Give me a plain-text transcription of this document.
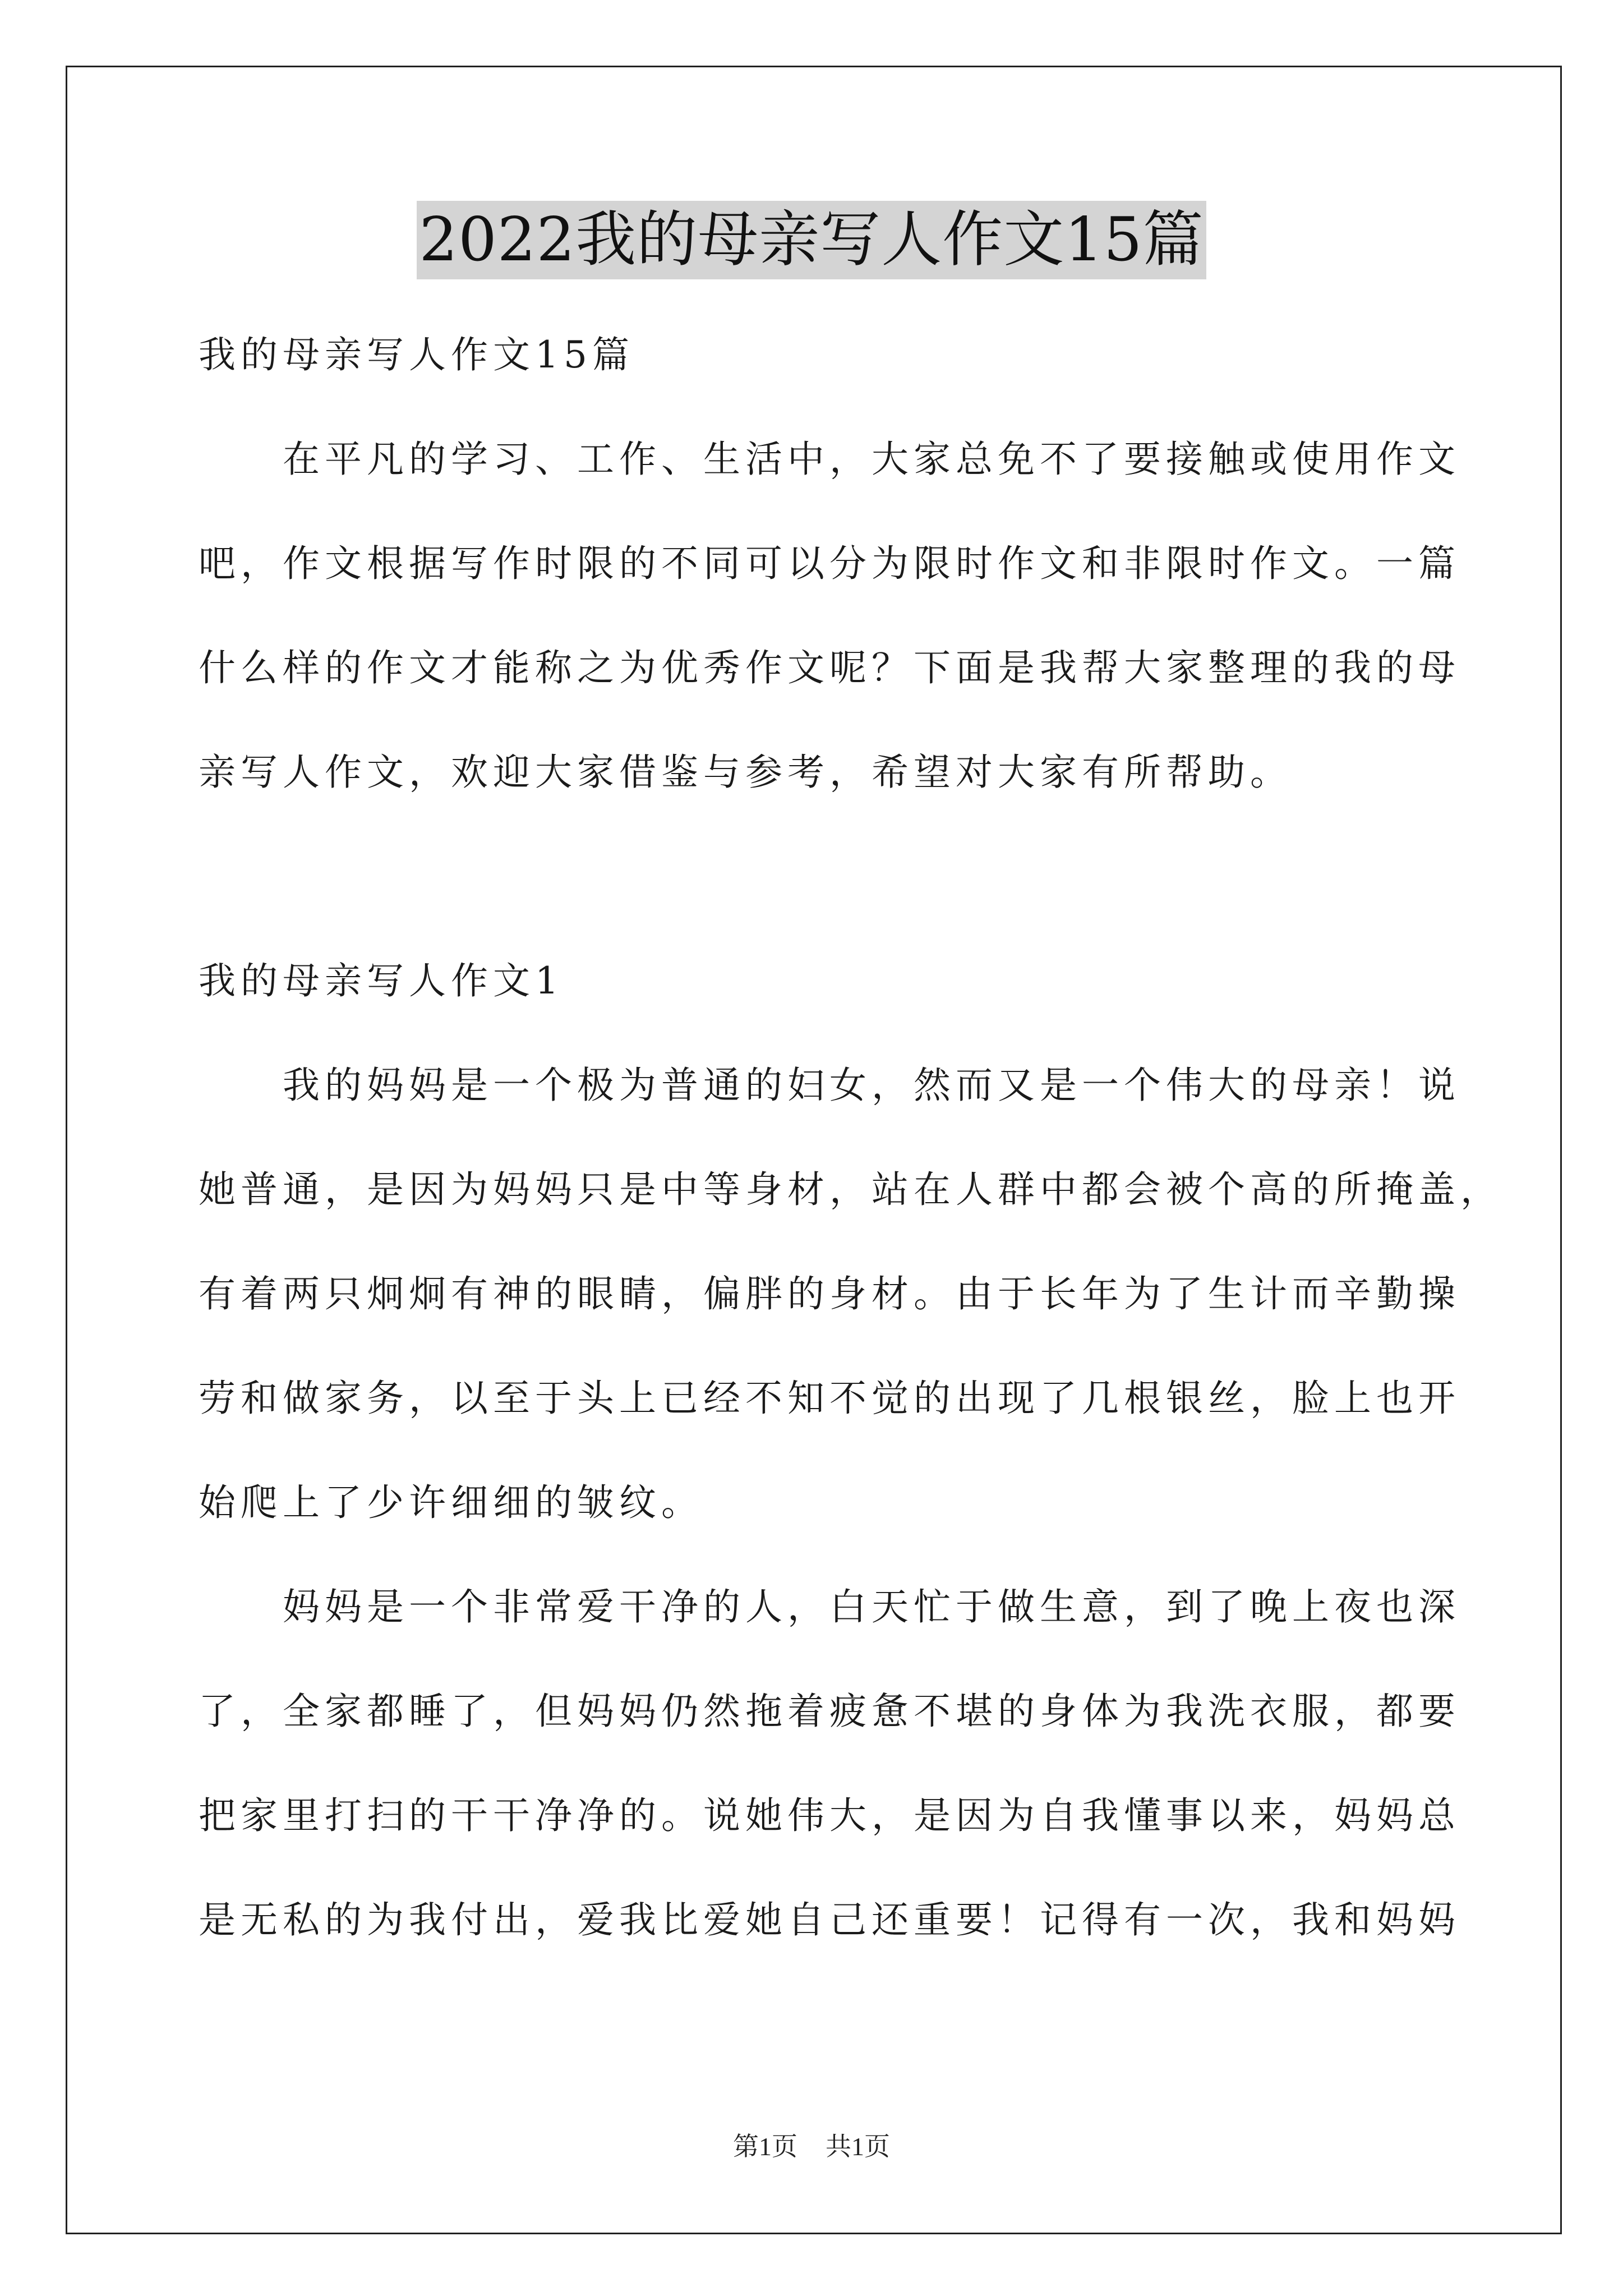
2022我的母亲写人作文15篇

我的母亲写人作文15篇

在平凡的学习、工作、生活中，大家总免不了要接触或使用作文

吧，作文根据写作时限的不同可以分为限时作文和非限时作文。一篇

什么样的作文才能称之为优秀作文呢？下面是我帮大家整理的我的母

亲写人作文，欢迎大家借鉴与参考，希望对大家有所帮助。

我的母亲写人作文1

我的妈妈是一个极为普通的妇女，然而又是一个伟大的母亲！说

她普通，是因为妈妈只是中等身材，站在人群中都会被个高的所掩盖，

有着两只炯炯有神的眼睛，偏胖的身材。由于长年为了生计而辛勤操

劳和做家务，以至于头上已经不知不觉的出现了几根银丝，脸上也开

始爬上了少许细细的皱纹。

妈妈是一个非常爱干净的人，白天忙于做生意，到了晚上夜也深

了，全家都睡了，但妈妈仍然拖着疲惫不堪的身体为我洗衣服，都要

把家里打扫的干干净净的。说她伟大，是因为自我懂事以来，妈妈总

是无私的为我付出，爱我比爱她自己还重要！记得有一次，我和妈妈

第1页 共1页
